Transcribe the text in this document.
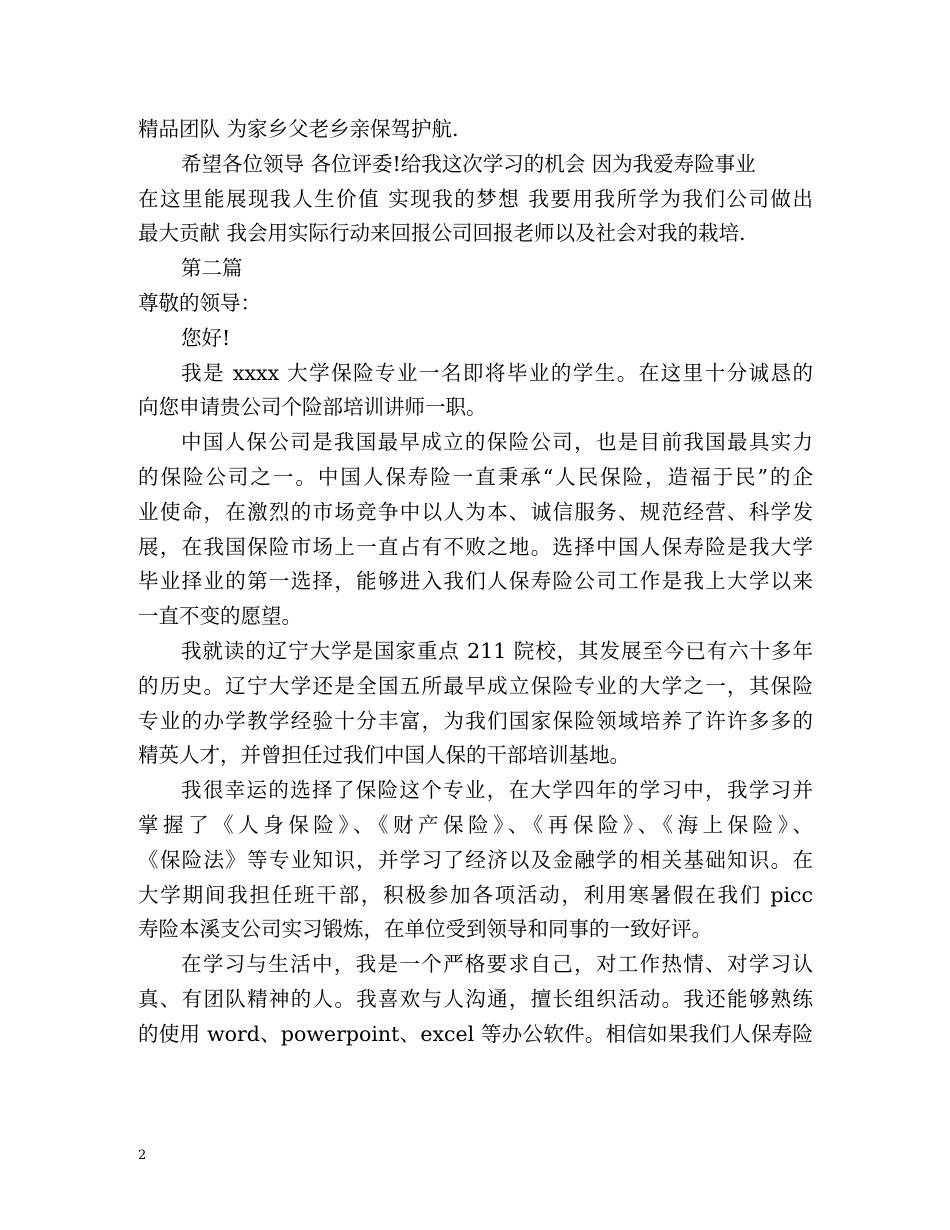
精品团队 为家乡父老乡亲保驾护航.
希望各位领导 各位评委!给我这次学习的机会 因为我爱寿险事业
在这里能展现我人生价值 实现我的梦想 我要用我所学为我们公司做出
最大贡献 我会用实际行动来回报公司回报老师以及社会对我的栽培.
第二篇
尊敬的领导：
您好!
我是 xxxx 大学保险专业一名即将毕业的学生。在这里十分诚恳的
向您申请贵公司个险部培训讲师一职。
中国人保公司是我国最早成立的保险公司，也是目前我国最具实力
的保险公司之一。中国人保寿险一直秉承“人民保险，造福于民”的企
业使命，在激烈的市场竞争中以人为本、诚信服务、规范经营、科学发
展，在我国保险市场上一直占有不败之地。选择中国人保寿险是我大学
毕业择业的第一选择，能够进入我们人保寿险公司工作是我上大学以来
一直不变的愿望。
我就读的辽宁大学是国家重点 211 院校，其发展至今已有六十多年
的历史。辽宁大学还是全国五所最早成立保险专业的大学之一，其保险
专业的办学教学经验十分丰富，为我们国家保险领域培养了许许多多的
精英人才，并曾担任过我们中国人保的干部培训基地。
我很幸运的选择了保险这个专业，在大学四年的学习中，我学习并
掌握了《人身保险》、《财产保险》、《再保险》、《海上保险》、
《保险法》等专业知识，并学习了经济以及金融学的相关基础知识。在
大学期间我担任班干部，积极参加各项活动，利用寒暑假在我们 picc
寿险本溪支公司实习锻炼，在单位受到领导和同事的一致好评。
在学习与生活中，我是一个严格要求自己，对工作热情、对学习认
真、有团队精神的人。我喜欢与人沟通，擅长组织活动。我还能够熟练
的使用 word、powerpoint、excel 等办公软件。相信如果我们人保寿险
2
